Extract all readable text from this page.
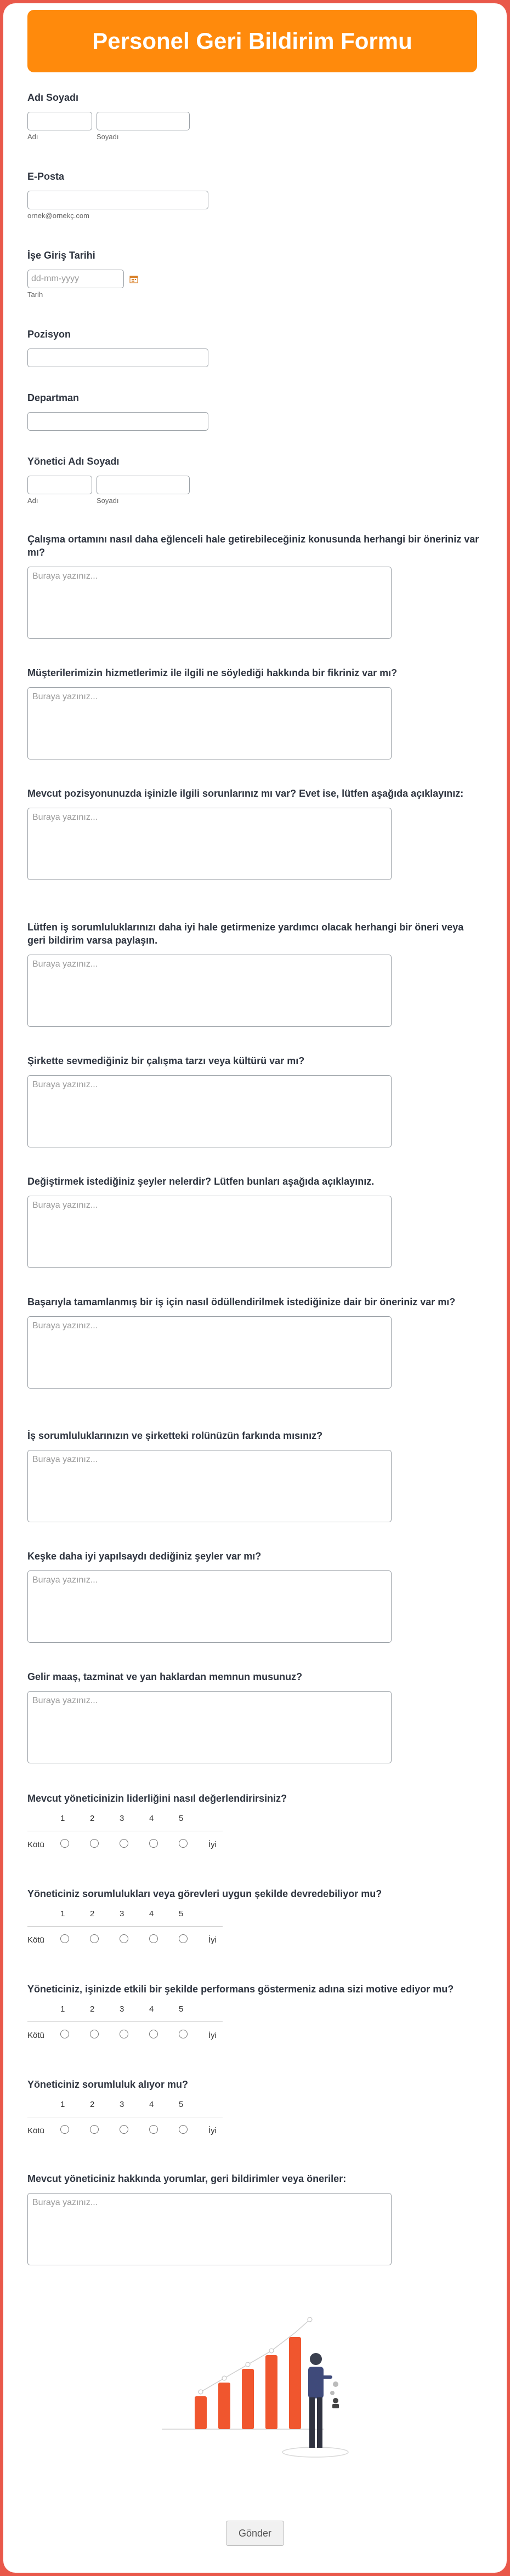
Personel Geri Bildirim Formu
Adı Soyadı
Adı	Soyadı
E-Posta
ornek@ornekç.com
İşe Giriş Tarihi
dd-mm-yyyy
Tarih
Pozisyon
Departman
Yönetici Adı Soyadı
Adı	Soyadı
Çalışma ortamını nasıl daha eğlenceli hale getirebileceğiniz konusunda herhangi bir öneriniz var mı?
Buraya yazınız...
Müşterilerimizin hizmetlerimiz ile ilgili ne söylediği hakkında bir fikriniz var mı?
Buraya yazınız...
Mevcut pozisyonunuzda işinizle ilgili sorunlarınız mı var? Evet ise, lütfen aşağıda açıklayınız:
Buraya yazınız...
Lütfen iş sorumluluklarınızı daha iyi hale getirmenize yardımcı olacak herhangi bir öneri veya geri bildirim varsa paylaşın.
Buraya yazınız...
Şirkette sevmediğiniz bir çalışma tarzı veya kültürü var mı?
Buraya yazınız...
Değiştirmek istediğiniz şeyler nelerdir? Lütfen bunları aşağıda açıklayınız.
Buraya yazınız...
Başarıyla tamamlanmış bir iş için nasıl ödüllendirilmek istediğinize dair bir öneriniz var mı?
Buraya yazınız...
İş sorumluluklarınızın ve şirketteki rolünüzün farkında mısınız?
Buraya yazınız...
Keşke daha iyi yapılsaydı dediğiniz şeyler var mı?
Buraya yazınız...
Gelir maaş, tazminat ve yan haklardan memnun musunuz?
Buraya yazınız...
Mevcut yöneticinizin liderliğini nasıl değerlendirirsiniz?
1	2	3	4	5
Kötü	İyi
Yöneticiniz sorumlulukları veya görevleri uygun şekilde devredebiliyor mu?
1	2	3	4	5
Kötü	İyi
Yöneticiniz, işinizde etkili bir şekilde performans göstermeniz adına sizi motive ediyor mu?
1	2	3	4	5
Kötü	İyi
Yöneticiniz sorumluluk alıyor mu?
1	2	3	4	5
Kötü	İyi
Mevcut yöneticiniz hakkında yorumlar, geri bildirimler veya öneriler:
Buraya yazınız...
Gönder
